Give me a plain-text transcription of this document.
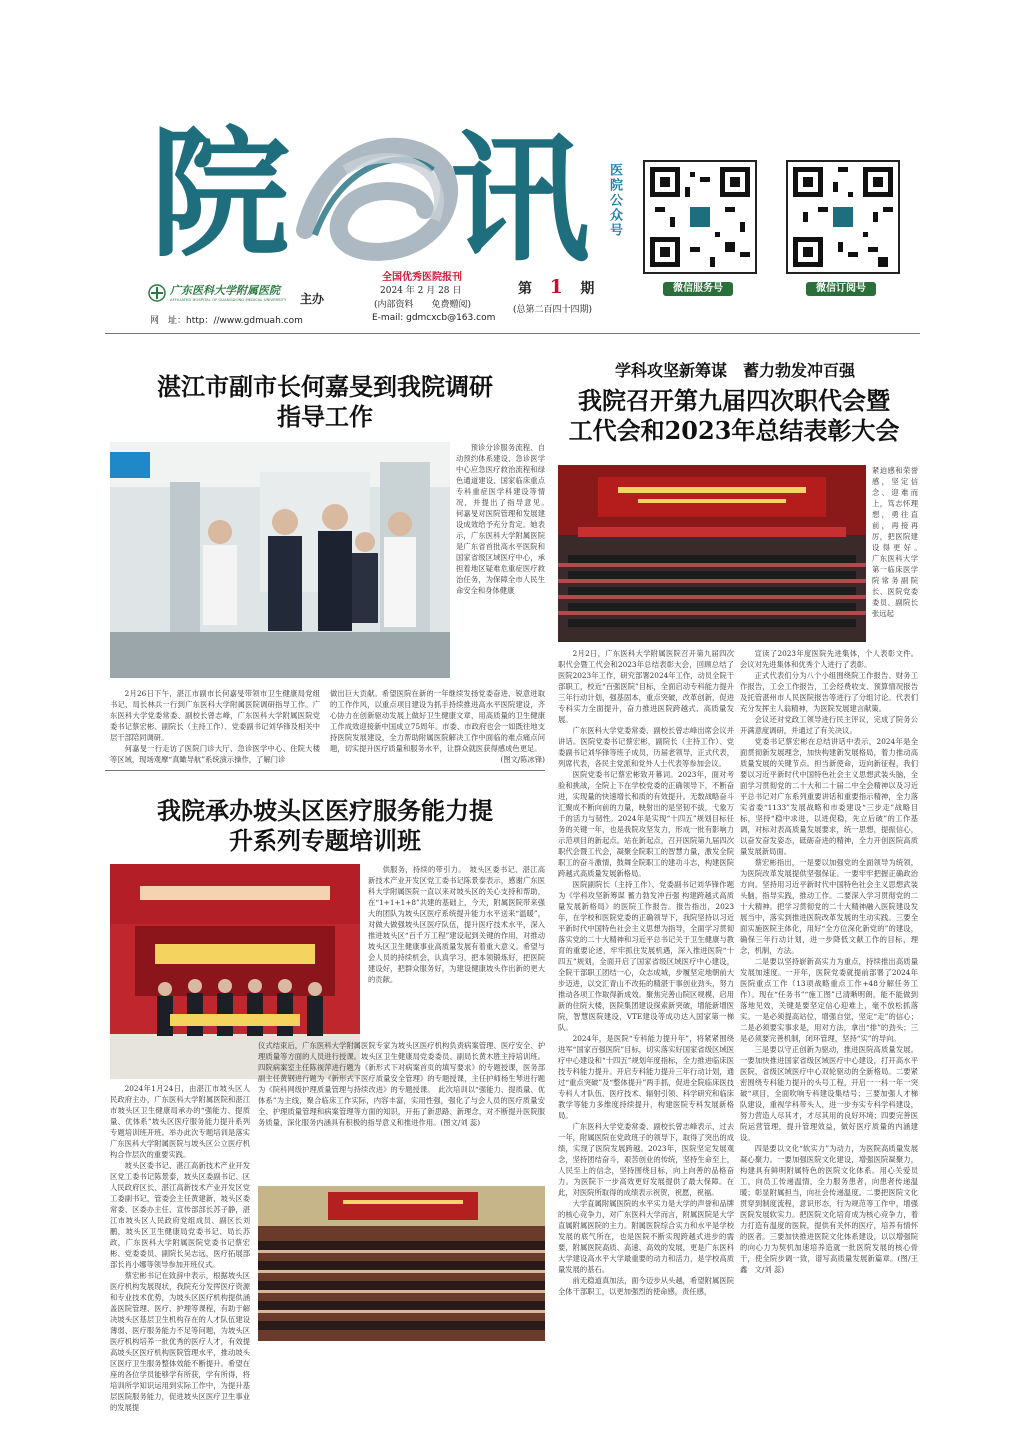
院 讯 医院公众号
微信服务号	微信订阅号
广东医科大学附属医院
AFFILIATED HOSPITAL OF GUANGDONG MEDICAL UNIVERSITY 主办
网　址：http：//www.gdmuah.com
全国优秀医院报刊
2024 年 2 月 28 日
(内部资料　　免费赠阅)
E-mail: gdmcxcb@163.com
第 1 期
(总第二百四十四期)
湛江市副市长何嘉旻到我院调研
指导工作
预诊分诊服务流程、自动预约体系建设、急诊医学中心应急医疗救治流程和绿色通道建设、国家临床重点专科重症医学科建设等情况，并提出了指导意见。　何嘉旻对医院管理和发展建设成效给予充分肯定。她表示，广东医科大学附属医院是广东省首批高水平医院和国家省级区域医疗中心，承担着地区疑难危重症医疗救治任务，为保障全市人民生命安全和身体健康

2月26日下午，湛江市副市长何嘉旻带领市卫生健康局党组书记、局长林兵一行到广东医科大学附属医院调研指导工作。广东医科大学党委常委、副校长曾志峰，广东医科大学附属医院党委书记蔡宏彬、副院长（主持工作）、党委副书记刘华锋及相关中层干部陪同调研。

何嘉旻一行走访了医院门诊大厅、急诊医学中心、住院大楼等区域，现场观摩“真瞰导航”系统演示操作，了解门诊

做出巨大贡献。希望医院在新的一年继续发扬党委奋进、锐意进取的工作作风，以重点项目建设为抓手持续推进高水平医院建设，齐心协力在创新驱动发展上做好卫生健康文章，用高质量的卫生健康工作成效迎接新中国成立75周年。市委、市政府也会一如既往地支持医院发展建设，全力帮助附属医院解决工作中面临的难点痛点问题，切实提升医疗质量和服务水平，让群众就医获得感成色更足。
(图文/陈冰锋)

学科攻坚新筹谋　蓄力勃发冲百强
我院召开第九届四次职代会暨
工代会和2023年总结表彰大会
紧迫感和荣誉感，坚定信念、迎难而上，笃志怀理想，勇往直前，再接再厉，把医院建设得更好。　广东医科大学第一临床医学院常务副院长、医院党委委员、副院长张远起

2月2日，广东医科大学附属医院召开第九届四次职代会暨工代会和2023年总结表彰大会，回顾总结了医院2023年工作，研究部署2024年工作，动员全院干部职工，校近“百强医院”目标，全面启动专科能力提升三年行动计划，强基固本，重点突破，改革创新，促进专科实力全面提升，奋力推进医院跨越式、高质量发展。

广东医科大学党委常委、副校长曾志峰出席会议并讲话。医院党委书记蔡宏彬，副院长（主持工作）、党委副书记刘华锋等班子成员，历届老领导，正式代表，列席代表，各民主党派和党外人士代表等参加会议。

医院党委书记蔡宏彬致开幕词。2023年，面对考验和挑战，全院上下在学校党委的正确领导下，不断奋进，实现量的快速增长和质的有效提升。无数战略奋斗汇聚成不断向前的力量，映射出的是坚韧不拔，弋象万千的活力与韧性。2024年是实现“十四五”规划目标任务的关键一年，也是我院攻坚发力，形成一批有影响力示范项目的新起点。站在新起点，召开医院第九届四次职代会暨工代会，凝聚全院职工的智慧力量，激发全院职工的奋斗激情，鼓舞全院职工的建功斗志，构建医院跨越式高质量发展新格局。

医院副院长（主持工作）、党委副书记刘华锋作题为《学科攻坚新筹谋 蓄力勃发冲百强 构建跨越式高质量发展新格局》的医院工作报告。报告指出，2023年，在学校和医院党委的正确领导下，我院坚持以习近平新时代中国特色社会主义思想为指导，全面学习贯彻落实党的二十大精神和习近平总书记关于卫生健康与教育的重要论述，牢牢抓住发展机遇，深入推进医院“十四五”规划，全面开启了国家省级区域医疗中心建设，全院干部职工团结一心，众志成城，步履坚定地朝前大步迈进，以交汇青山不改拓的精湛干事创业劲头，努力推动各项工作取得新成效。聚焦完善山院区规模、启用新的住院大楼，医院集团建设探索新突破，增能新增医院，智慧医院建设，VTE建设等成功达入国家第一梯队。

2024年，是医院“专科能力提升年”，将紧紧围绕进军“国家百强医院”目标，切实落实好国家省级区域医疗中心建设和“十四五”规划年度指标，全力推进临床医技专科能力提升。开启专科能力提升三年行动计划，通过“重点突破”及“整体提升”两手抓，促进全院临床医技专科人才队伍、医疗技术、辐射引领、科学研究和临床教学等能力多维度持续提升，构建医院专科发展新格局。

广东医科大学党委常委、副校长曾志峰表示，过去一年，附属医院在党政班子的领导下，取得了突出的成绩，实现了医院发展跨越。2023年，医院坚定发展观念，坚持团结奋斗，艰苦创业的传统，坚持生命至上，人民至上的信念，坚持围绕目标，向上向善的品格奋力。为医院下一步高效更好发展提供了最大保障。在此，对医院所取得的成绩表示祝贺，祝愿，祝福。

大学直属附属医院的水平实力是大学的声誉和品牌的核心竞争力，对广东医科大学而言，附属医院是大学直属附属医院的主力。附属医院综合实力和水平是学校发展的底气所在，也是医院不断实现跨越式进步的需要，附属医院高质、高速、高效的发展，更是广东医科大学建设高水平大学最重要的动力和活力，是学校高质量发展的基石。

前无稳道真加法，面今迈步从头越，希望附属医院全体干部职工，以更加强烈的使命感，责任感，

宣读了2023年度医院先进集体，个人表彰文件。会议对先进集体和优秀个人进行了表彰。

正式代表们分为八个小组围绕院工作报告、财务工作报告，工会工作报告，工会经费收支、预算情况报告及托管湛州市人民医院报告等进行了分组讨论。代表们充分发挥主人翁精神，为医院发展建言献策。

会议还对党政工领导进行民主评议，完成了院务公开满意度调研，并通过了有关决议。

党委书记蔡宏彬在总结讲话中表示，2024年是全面贯彻新发展理念，加快构建新发展格局，着力推动高质量发展的关键节点。担当新使命，迈向新征程，我们要以习近平新时代中国特色社会主义思想武装头脑，全面学习贯彻党的二十大和二十届二中全会精神以及习近平总书记对广东系列重要讲话和重要指示精神，全力落实省委“1133”发展战略和市委建设“三步走”战略目标，坚持“稳中求进，以进促稳，先立后破”的工作基调，对标对表高质量发展要求，统一思想，提振信心，以奋发奋发姿态，砥砺奋进的精神，全力开创医院高质量发展新局面。

蔡宏彬指出，一是要以加强党的全面领导为统领，为医院改革发展提供坚强保证。一要牢牢把握正确政治方向。坚持用习近平新时代中国特色社会主义思想武装头脑，指导实践，推动工作。二要深入学习贯彻党的二十大精神。把学习贯彻党的二十大精神融入医院建设发展当中，落实到推进医院改革发展的生动实践。三要全面实施医院主体化，用好“全方位深化新党的”的建设，确保三年行动计划，进一步降低文献工作的目标，理念，机制，方法。

二是要以坚持崭新高实力为重点，持续推出高质量发展加速度。一开年，医院党委就提前部署了2024年医院重点工作（13项战略重点工作+48分解任务工作）。现在“任务书”“施工图”已清晰明朗，能不能做到落地见效，关键是要坚定信心迎难上，毫不放松抓落实。一是必须提高站位，增强自觉，坚定“走”的信心；二是必须要实事求是，用对方法，拿出“排”的劲头；三是必须要完善机制，闭环管理，坚持“实”的导向。

三是要以守正创新为驱动，推进医院高质量发展。一要加快推进国家省级区域医疗中心建设，打开高水平医院，省级区域医疗中心双轮驱动的全新格局。二要紧密围绕专科能力提升的头号工程，开启一一科一年一突破“项目，全面吹响专科建设集结号；三要加强人才梯队建设，重视学科带头人，进一步夯实专科学科建设，努力营造人尽其才，才尽其用的良好环境；四要完善医院运营管理，提升管理效益，做好医疗质量的内涵建设。

四是要以文化“软实力”为动力，为医院高质量发展凝心聚力。一要加强医院文化建设，增强医院凝聚力，构建具有鲜明附属特色的医院文化体系。用心关爱员工，向员工传递温情，全力服务患者，向患者传递温暖；彰显附属担当，向社会传递温度。二要把医院文化贯穿到制度流程，意识形态，行为规范等工作中，增强医院发展软实力。把医院文化培育成为核心竞争力，着力打造有温度的医院，提供有关怀的医疗，培养有情怀的医者。三要加快推进医院文化体系建设，以以增强院的向心力为契机加速培养造就一批医院发展的核心骨干，使全院步调一致，谱写高质量发展新篇章。(图/王 鑫　文/刘 蕊)

我院承办坡头区医疗服务能力提
升系列专题培训班
供服务，持续的带引力。　坡头区委书记、湛江高新技术产业开发区党工委书记陈景泰表示，感谢广东医科大学附属医院一直以来对坡头区的关心支持和帮助，在“1+1+1+8”共建的基础上，今天，附属医院带来强大的团队为坡头区医疗系统提升能力水平送来“温暖”，对做大做强坡头区医疗队伍，提升医疗技术水平，深入推进坡头区“百千万工程”建设起到关键的作用，对推动坡头区卫生健康事业高质量发展有着重大意义。希望与会人员的持续机会，认真学习，把本领锻炼好，把医院建设好，把群众服务好，为建设健康坡头作出新的更大的贡献。

2024年1月24日，由湛江市坡头区人民政府主办，广东医科大学附属医院和湛江市坡头区卫生健康局承办的“强能力、提质量、优体系”坡头区医疗服务能力提升系列专题培训班开班。举办此次专题培训是落实广东医科大学附属医院与坡头区公立医疗机构合作层次的重要实践。

坡头区委书记、湛江高新技术产业开发区党工委书记陈景泰，坡头区委副书记、区人民政府区长、湛江高新技术产业开发区党工委副书记，管委会主任黄建新，坡头区委常委、区委办主任、宣传部部长苏子静，湛江市坡头区人民政府党组成员、副区长刘鹏，坡头区卫生健康局党委书记、局长苏政，广东医科大学附属医院党委书记蔡宏彬、党委委员、副院长吴志远，医疗拓展部部长肖小娜等领导参加开班仪式。

蔡宏彬书记在致辞中表示，根据坡头区医疗机构发展现状，我院充分发挥医疗资源和专业技术优势，为坡头区医疗机构提供涵盖医院管理、医疗、护理等课程，有助于解决坡头区基层卫生机构存在的人才队伍建设薄弱、医疗服务能力不足等问题，为坡头区医疗机构培养一批优秀的医疗人才，有效提高坡头区医疗机构医院管理水平，推动坡头区医疗卫生服务整体效能不断提升。希望在座的各位学员能够学有所获，学有所得，将培训所学知识运用到实际工作中，为提升基层医院服务能力，促进坡头区医疗卫生事业的发展提

仪式结束后，广东医科大学附属医院专家为坡头区医疗机构负责病案管理、医疗安全、护理质量等方面的人员进行授课。坡头区卫生健康局党委委员、副局长黄木胜主持培训班。四院病案室主任陈视萍进行题为《新形式下对病案首页的填写要求》的专题授课，医务部副主任黄钢进行题为《新形式下医疗质量安全管理》的专题授课，主任护师杨生琴进行题为《院科网级护理质量管理与持续改进》的专题授课。　此次培训以“强能力、提质量、优体系”为主线，聚合临床工作实际，内容丰富，实用性强，强化了与会人员的医疗质量安全、护理质量管理和病案管理等方面的知识，开拓了新思路、新理念，对不断提升医院服务质量、深化服务内涵具有积极的指导意义和推进作用。(图文/刘 蕊)
